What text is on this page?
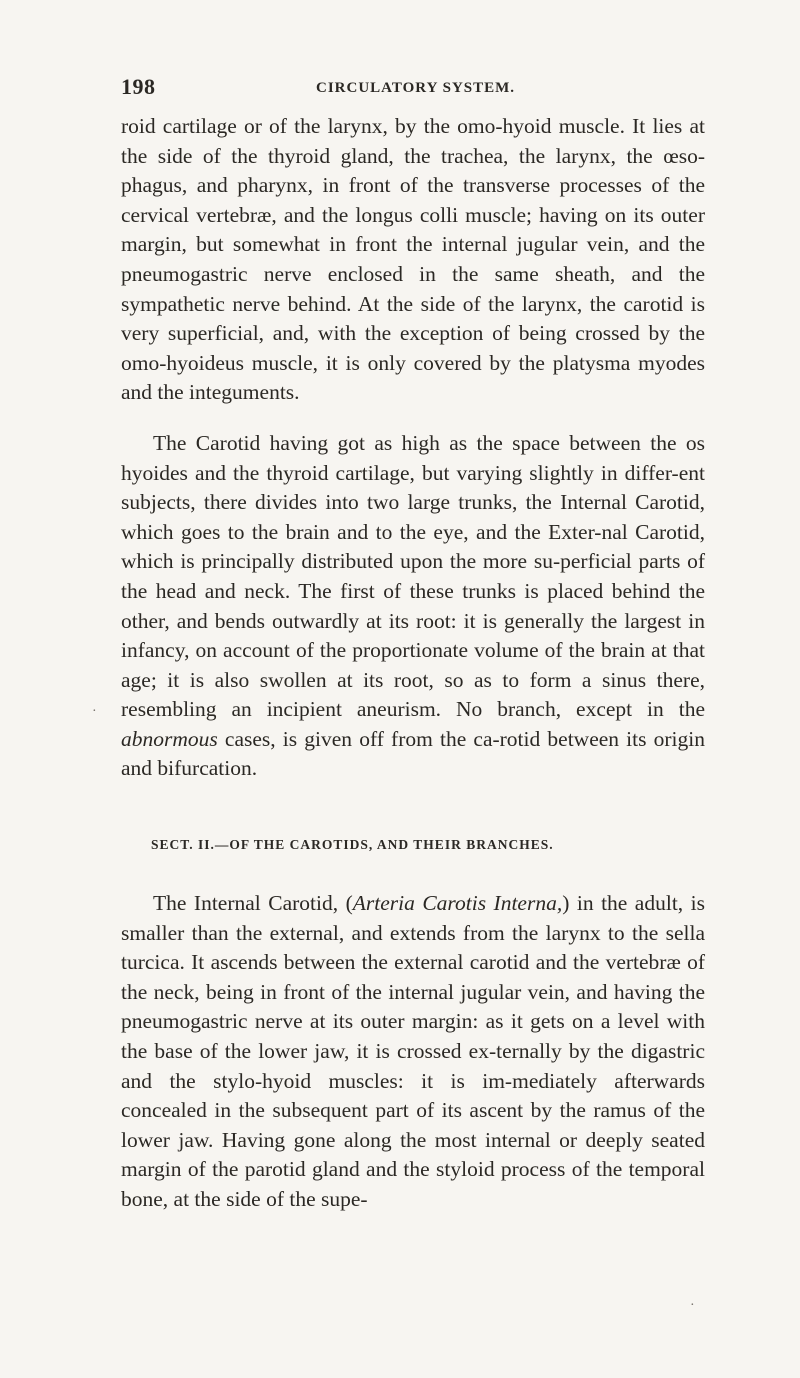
198	CIRCULATORY SYSTEM.

roid cartilage or of the larynx, by the omo-hyoid muscle. It lies at the side of the thyroid gland, the trachea, the larynx, the œso-phagus, and pharynx, in front of the transverse processes of the cervical vertebræ, and the longus colli muscle; having on its outer margin, but somewhat in front the internal jugular vein, and the pneumogastric nerve enclosed in the same sheath, and the sympathetic nerve behind. At the side of the larynx, the carotid is very superficial, and, with the exception of being crossed by the omo-hyoideus muscle, it is only covered by the platysma myodes and the integuments.

The Carotid having got as high as the space between the os hyoides and the thyroid cartilage, but varying slightly in differ-ent subjects, there divides into two large trunks, the Internal Carotid, which goes to the brain and to the eye, and the Exter-nal Carotid, which is principally distributed upon the more su-perficial parts of the head and neck. The first of these trunks is placed behind the other, and bends outwardly at its root: it is generally the largest in infancy, on account of the proportionate volume of the brain at that age; it is also swollen at its root, so as to form a sinus there, resembling an incipient aneurism. No branch, except in the abnormous cases, is given off from the ca-rotid between its origin and bifurcation.

SECT. II.—OF THE CAROTIDS, AND THEIR BRANCHES.

The Internal Carotid, (Arteria Carotis Interna,) in the adult, is smaller than the external, and extends from the larynx to the sella turcica. It ascends between the external carotid and the vertebræ of the neck, being in front of the internal jugular vein, and having the pneumogastric nerve at its outer margin: as it gets on a level with the base of the lower jaw, it is crossed ex-ternally by the digastric and the stylo-hyoid muscles: it is im-mediately afterwards concealed in the subsequent part of its ascent by the ramus of the lower jaw. Having gone along the most internal or deeply seated margin of the parotid gland and the styloid process of the temporal bone, at the side of the supe-

·
·
